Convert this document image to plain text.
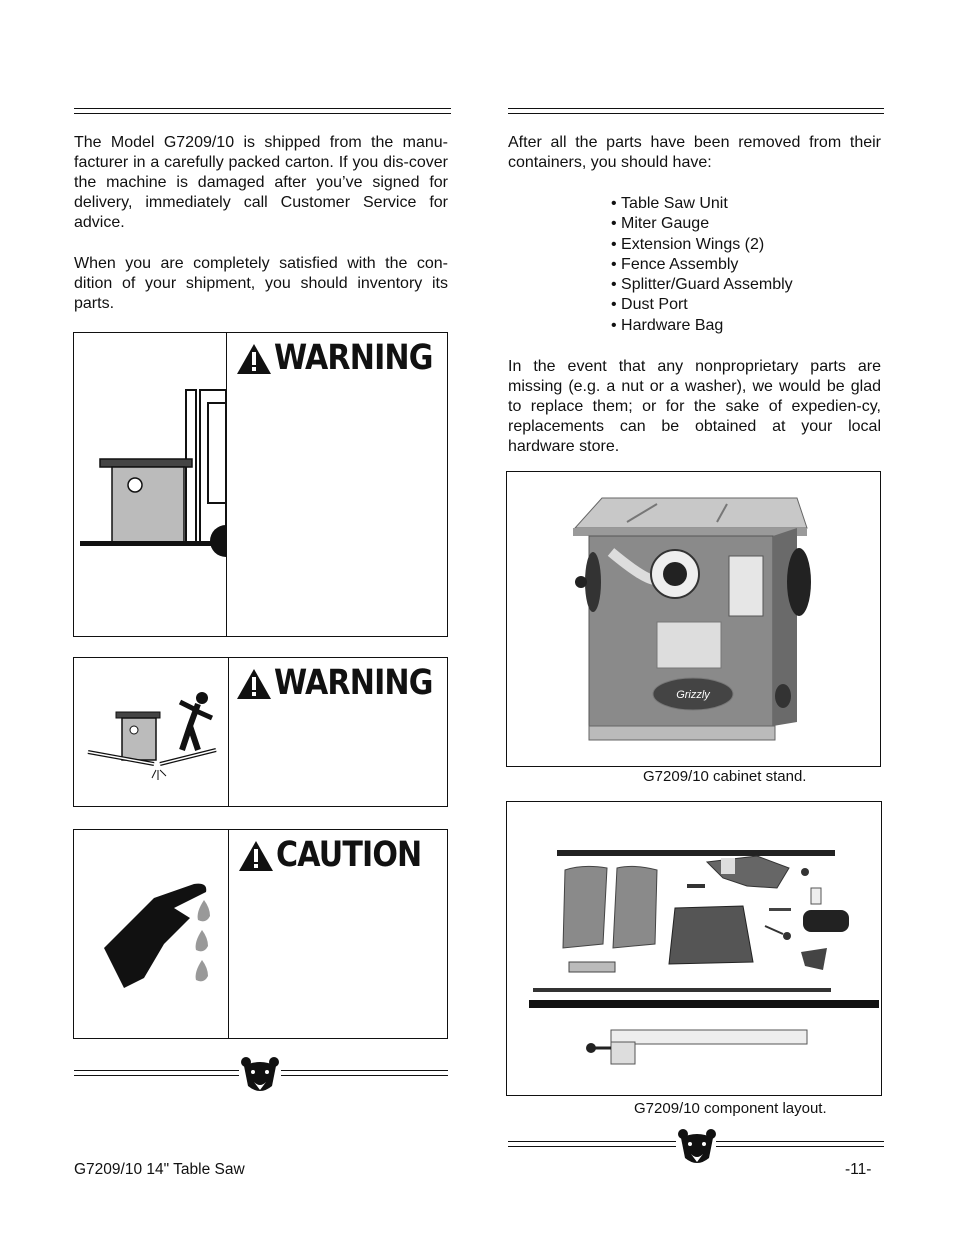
The Model G7209/10 is shipped from the manu-facturer in a carefully packed carton. If you dis-cover the machine is damaged after you’ve signed for delivery, immediately call Customer Service for advice.

When you are completely satisfied with the con-dition of your shipment, you should inventory its parts.

WARNING
WARNING
CAUTION

After all the parts have been removed from their containers, you should have:

• Table Saw Unit
• Miter Gauge
• Extension Wings (2)
• Fence Assembly
• Splitter/Guard Assembly
• Dust Port
• Hardware Bag

In the event that any nonproprietary parts are missing (e.g. a nut or a washer), we would be glad to replace them; or for the sake of expedien-cy, replacements can be obtained at your local hardware store.

Grizzly
G7209/10 cabinet stand.
G7209/10 component layout.
G7209/10 14" Table Saw	-11-
